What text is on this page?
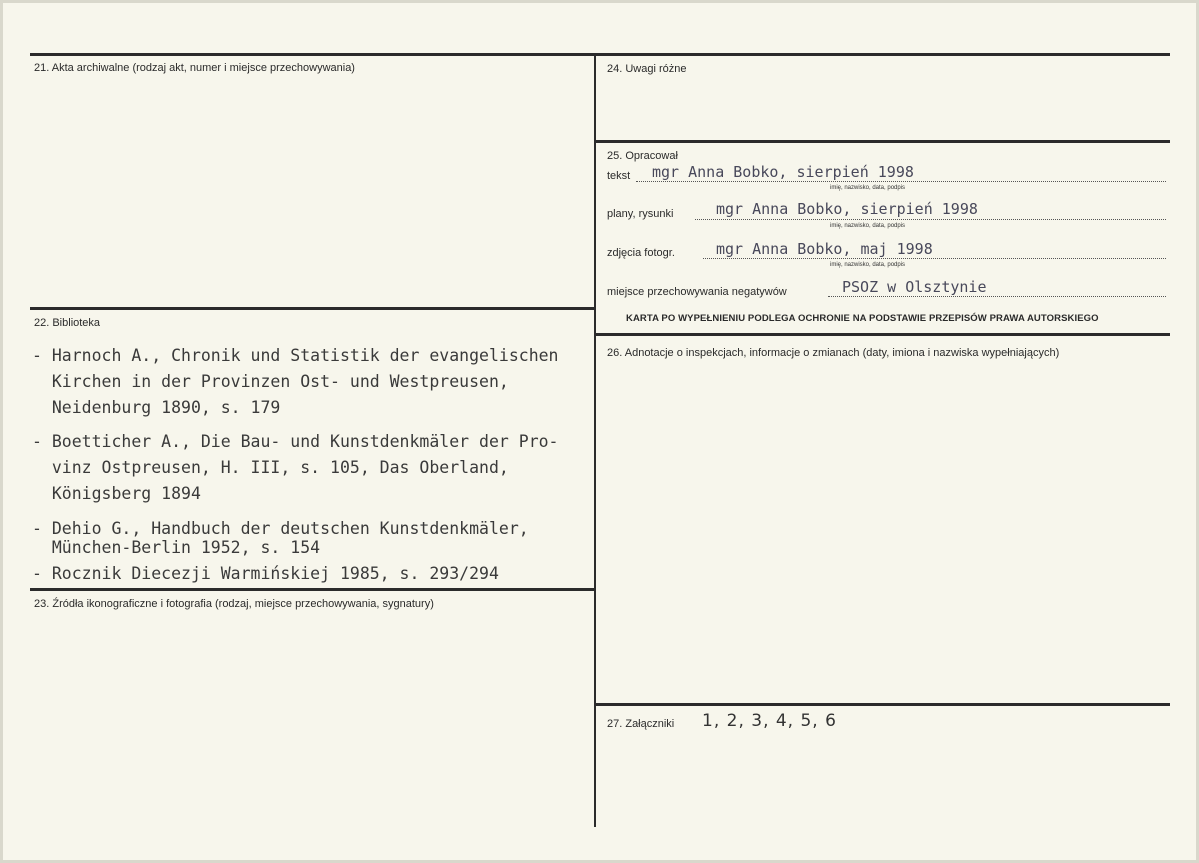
21. Akta archiwalne (rodzaj akt, numer i miejsce przechowywania)
22. Biblioteka
23. Źródła ikonograficzne i fotografia (rodzaj, miejsce przechowywania, sygnatury)
24. Uwagi różne
25. Opracował
26. Adnotacje o inspekcjach, informacje o zmianach (daty, imiona i nazwiska wypełniających)
27. Załączniki
- Harnoch A., Chronik und Statistik der evangelischen
Kirchen in der Provinzen Ost- und Westpreusen,
Neidenburg 1890, s. 179
- Boetticher A., Die Bau- und Kunstdenkmäler der Pro-
vinz Ostpreusen, H. III, s. 105, Das Oberland,
Königsberg 1894
- Dehio G., Handbuch der deutschen Kunstdenkmäler,
München-Berlin 1952, s. 154
- Rocznik Diecezji Warmińskiej 1985, s. 293/294
tekst mgr Anna Bobko, sierpień 1998
imię, nazwisko, data, podpis
plany, rysunki	mgr Anna Bobko, sierpień 1998
imię, nazwisko, data, podpis
zdjęcia fotogr.	mgr Anna Bobko, maj 1998
imię, nazwisko, data, podpis
miejsce przechowywania negatywów	PSOZ w Olsztynie
KARTA PO WYPEŁNIENIU PODLEGA OCHRONIE NA PODSTAWIE PRZEPISÓW PRAWA AUTORSKIEGO
1, 2, 3, 4, 5, 6
